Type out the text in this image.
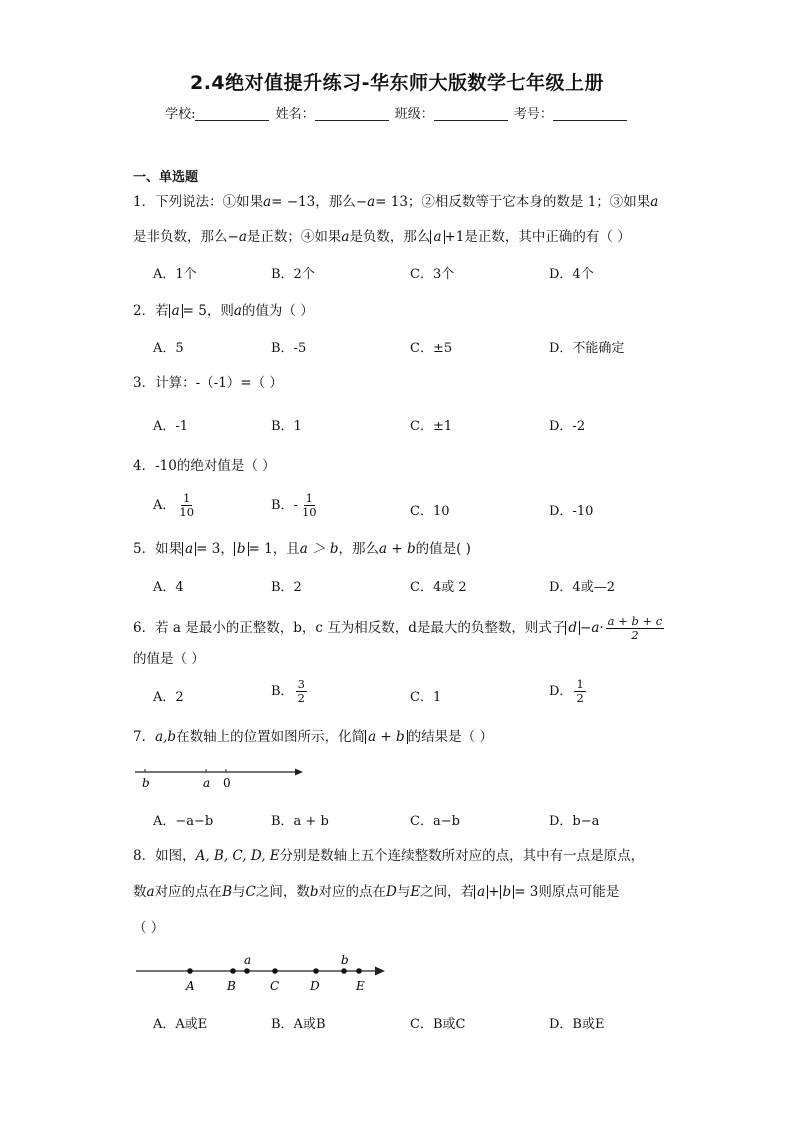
2.4绝对值提升练习-华东师大版数学七年级上册
学校:	姓名：	班级：	考号：
一、单选题
1．下列说法：①如果a= −13，那么−a= 13；②相反数等于它本身的数是 1；③如果a
是非负数，那么−a是正数；④如果a是负数，那么 a +1是正数，其中正确的有（ ）
A．1个	B．2个	C．3个	D．4个
2．若 a = 5，则a的值为（ ）
A．5	B．-5	C．±5	D．不能确定
3．计算：-（-1）=（ ）
A．-1	B．1	C．±1	D．-2
4．-10的绝对值是（ ）
A． $\frac{1}{10}$	B．- $\frac{1}{10}$	C．10	D．-10
5．如果 a = 3， b = 1，且a ＞ b，那么a + b的值是( )
A．4	B．2	C．4或 2	D．4或—2
6．若 a 是最小的正整数，b，c 互为相反数，d是最大的负整数，则式子 $d -a\cdot \frac{a + b + c}{2}$
的值是（ ）
A．2	B． $\frac{3}{2}$	C．1	D． $\frac{1}{2}$
7．a,b在数轴上的位置如图所示，化简 a + b 的结果是（ ）
b	a 0
A．−a−b	B．a + b	C．a−b	D．b−a
8．如图，A, B, C, D, E分别是数轴上五个连续整数所对应的点，其中有一点是原点，
数a对应的点在B与C之间，数b对应的点在D与E之间，若 a + b = 3则原点可能是
（ ）
A	B
a
C	D
b
E
A．A或E	B．A或B	C．B或C	D．B或E
